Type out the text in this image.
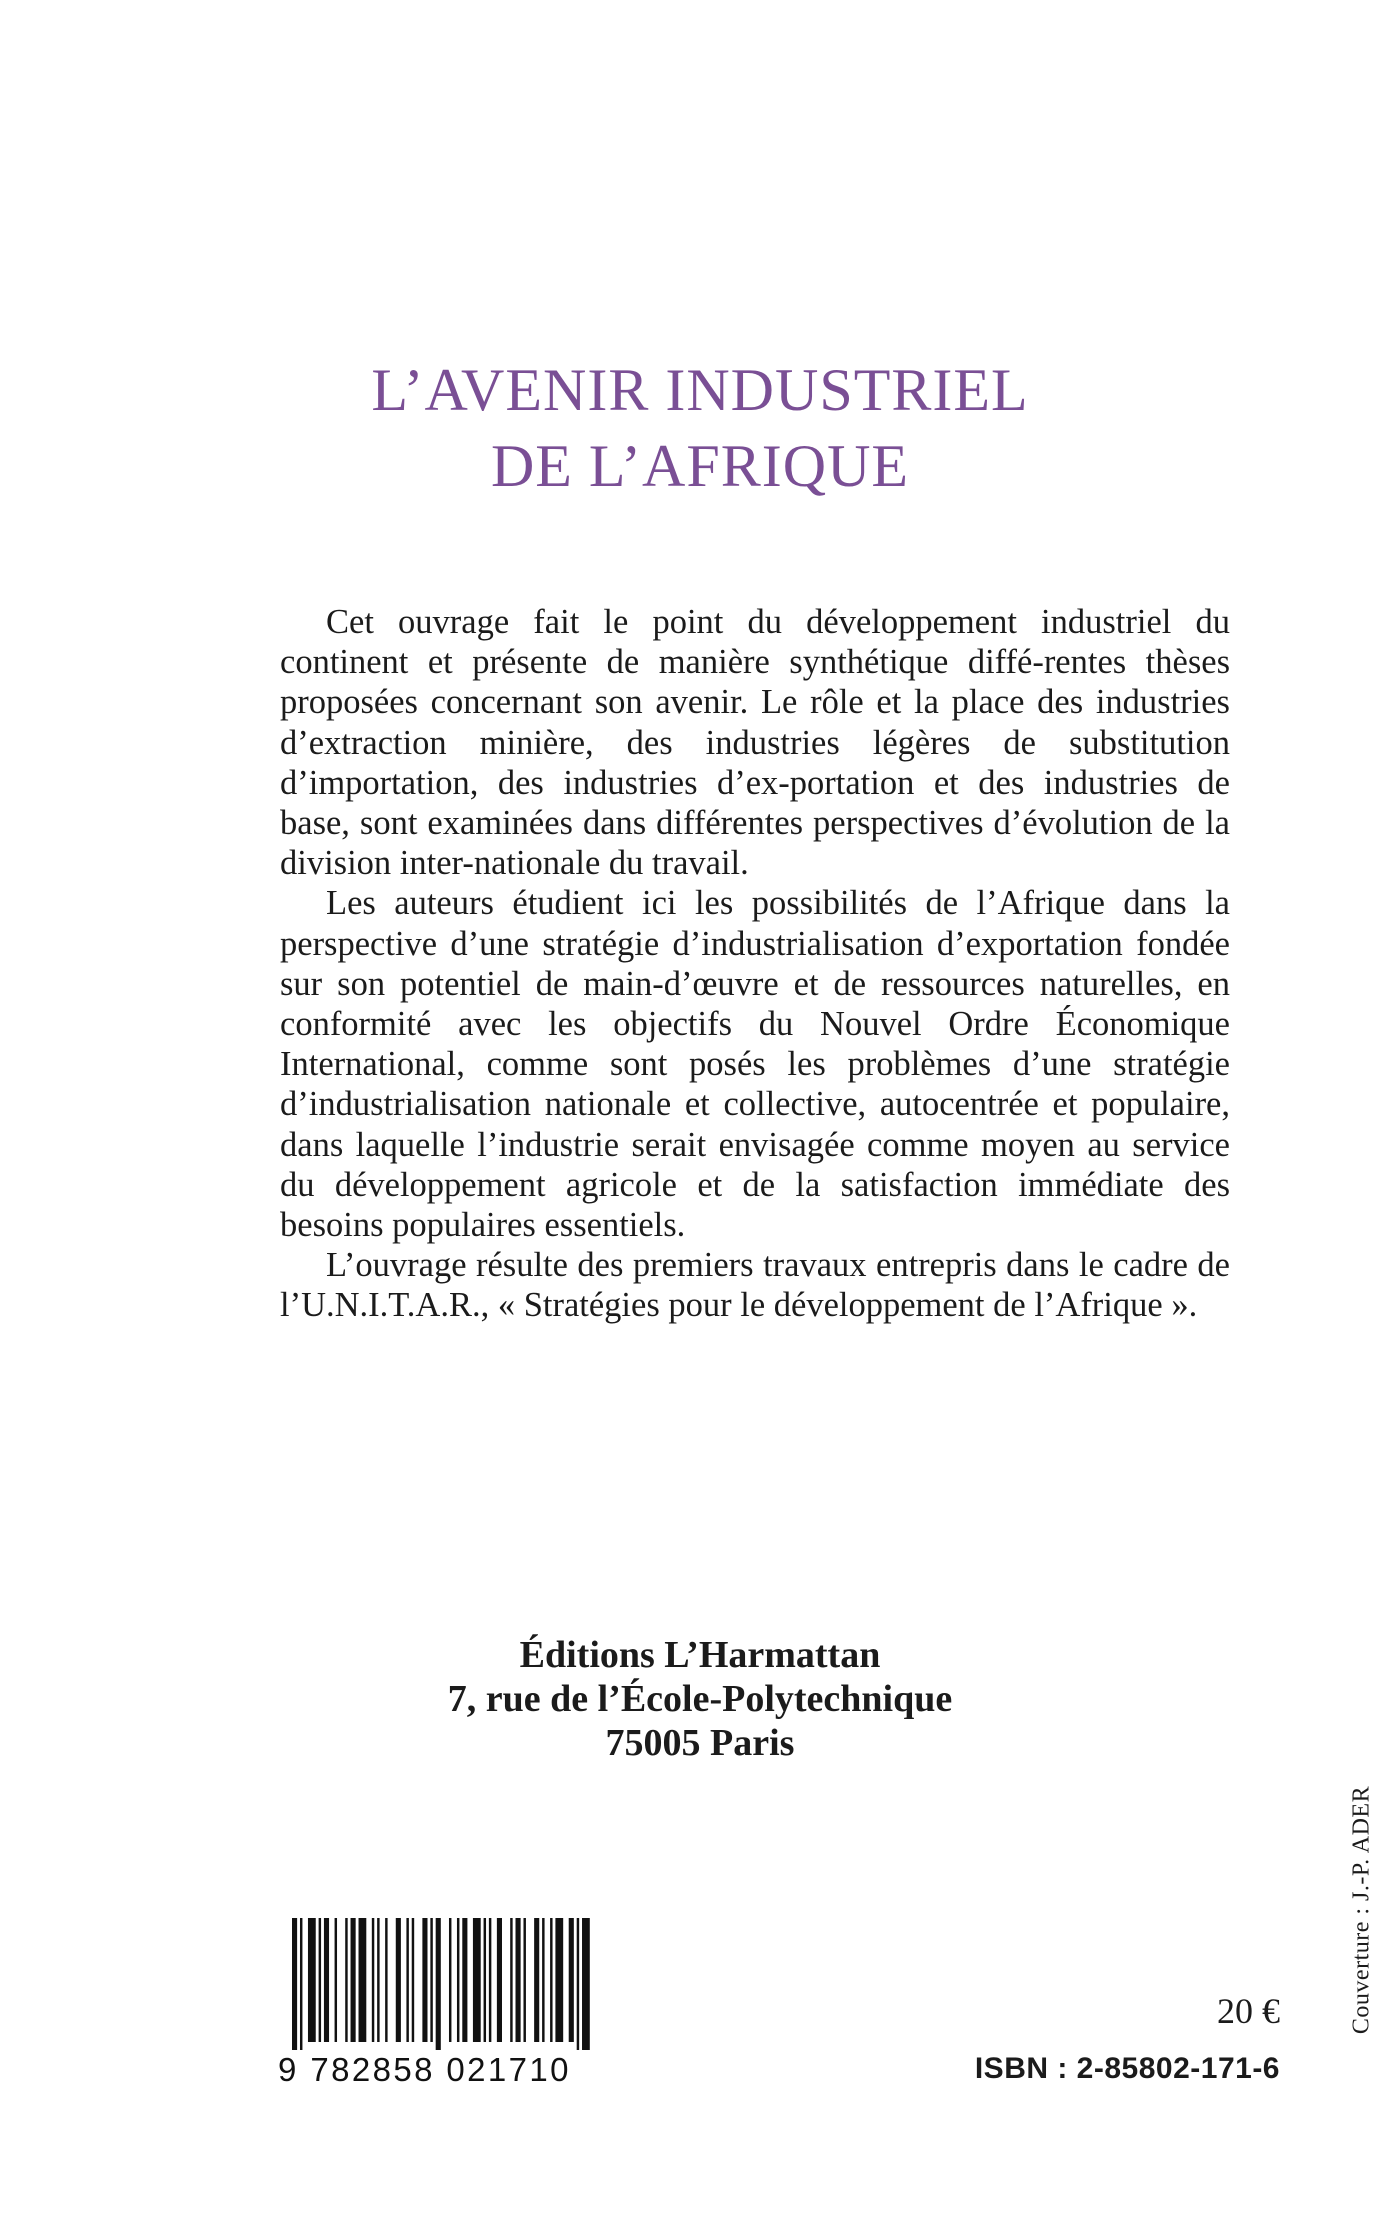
L’AVENIR INDUSTRIEL
DE L’AFRIQUE

Cet ouvrage fait le point du développement industriel du continent et présente de manière synthétique diffé-rentes thèses proposées concernant son avenir. Le rôle et la place des industries d’extraction minière, des industries légères de substitution d’importation, des industries d’ex-portation et des industries de base, sont examinées dans différentes perspectives d’évolution de la division inter-nationale du travail.

Les auteurs étudient ici les possibilités de l’Afrique dans la perspective d’une stratégie d’industrialisation d’exportation fondée sur son potentiel de main-d’œuvre et de ressources naturelles, en conformité avec les objectifs du Nouvel Ordre Économique International, comme sont posés les problèmes d’une stratégie d’industrialisation nationale et collective, autocentrée et populaire, dans laquelle l’industrie serait envisagée comme moyen au service du développement agricole et de la satisfaction immédiate des besoins populaires essentiels.

L’ouvrage résulte des premiers travaux entrepris dans le cadre de l’U.N.I.T.A.R., « Stratégies pour le développement de l’Afrique ».

Éditions L’Harmattan
7, rue de l’École-Polytechnique
75005 Paris
Couverture : J.-P. ADER
9 782858 021710
20 €
ISBN : 2-85802-171-6
